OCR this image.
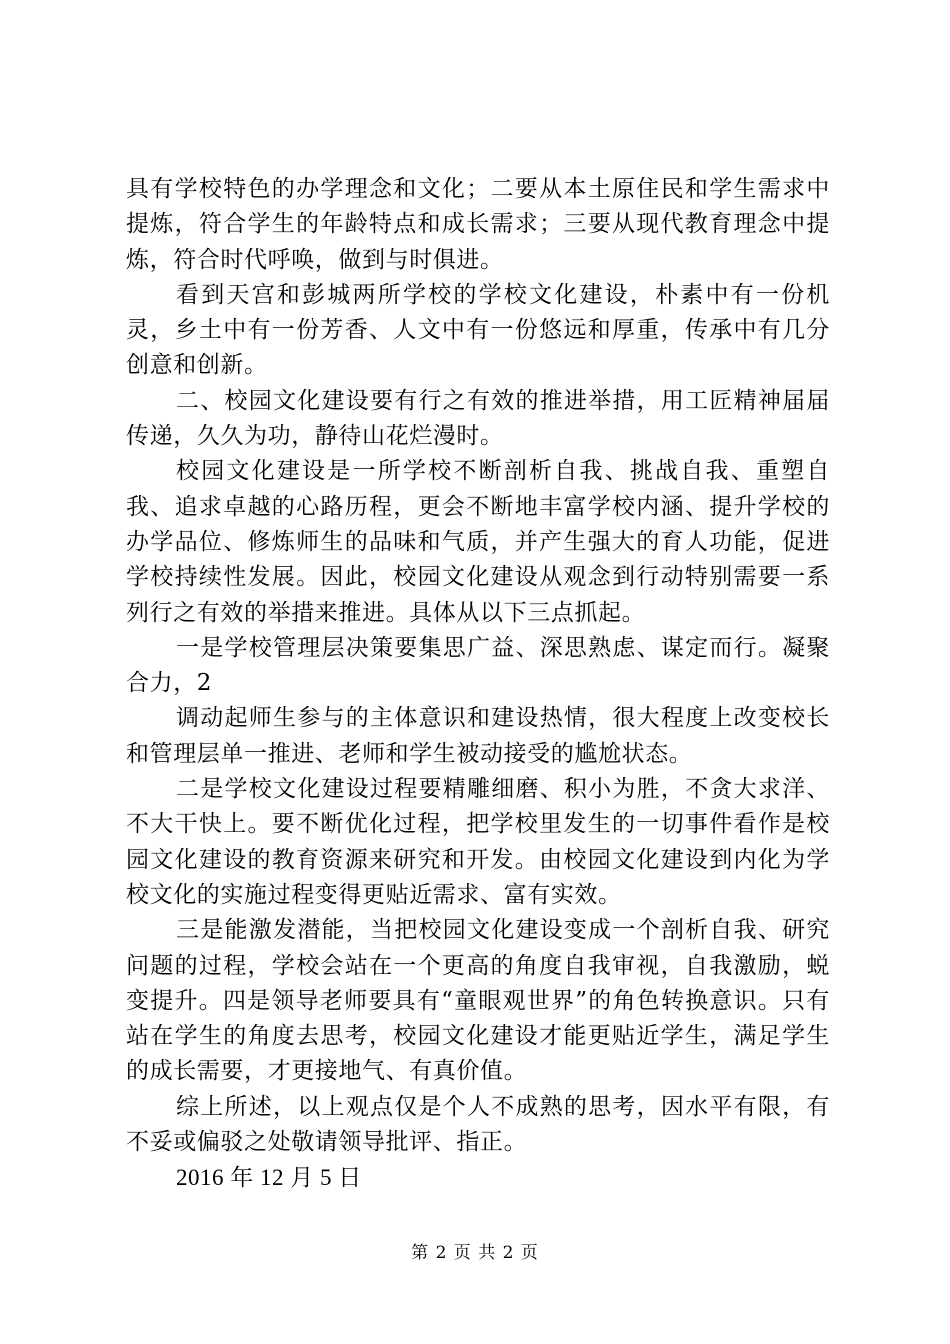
具有学校特色的办学理念和文化；二要从本土原住民和学生需求中提炼，符合学生的年龄特点和成长需求；三要从现代教育理念中提炼，符合时代呼唤，做到与时俱进。

看到天宫和彭城两所学校的学校文化建设，朴素中有一份机灵，乡土中有一份芳香、人文中有一份悠远和厚重，传承中有几分创意和创新。

二、校园文化建设要有行之有效的推进举措，用工匠精神届届传递，久久为功，静待山花烂漫时。

校园文化建设是一所学校不断剖析自我、挑战自我、重塑自我、追求卓越的心路历程，更会不断地丰富学校内涵、提升学校的办学品位、修炼师生的品味和气质，并产生强大的育人功能，促进学校持续性发展。因此，校园文化建设从观念到行动特别需要一系列行之有效的举措来推进。具体从以下三点抓起。

一是学校管理层决策要集思广益、深思熟虑、谋定而行。凝聚合力，2

调动起师生参与的主体意识和建设热情，很大程度上改变校长和管理层单一推进、老师和学生被动接受的尴尬状态。

二是学校文化建设过程要精雕细磨、积小为胜，不贪大求洋、不大干快上。要不断优化过程，把学校里发生的一切事件看作是校园文化建设的教育资源来研究和开发。由校园文化建设到内化为学校文化的实施过程变得更贴近需求、富有实效。

三是能激发潜能，当把校园文化建设变成一个剖析自我、研究问题的过程，学校会站在一个更高的角度自我审视，自我激励，蜕变提升。四是领导老师要具有“童眼观世界”的角色转换意识。只有站在学生的角度去思考，校园文化建设才能更贴近学生，满足学生的成长需要，才更接地气、有真价值。

综上所述，以上观点仅是个人不成熟的思考，因水平有限，有不妥或偏驳之处敬请领导批评、指正。

2016 年 12 月 5 日

第 2 页 共 2 页
